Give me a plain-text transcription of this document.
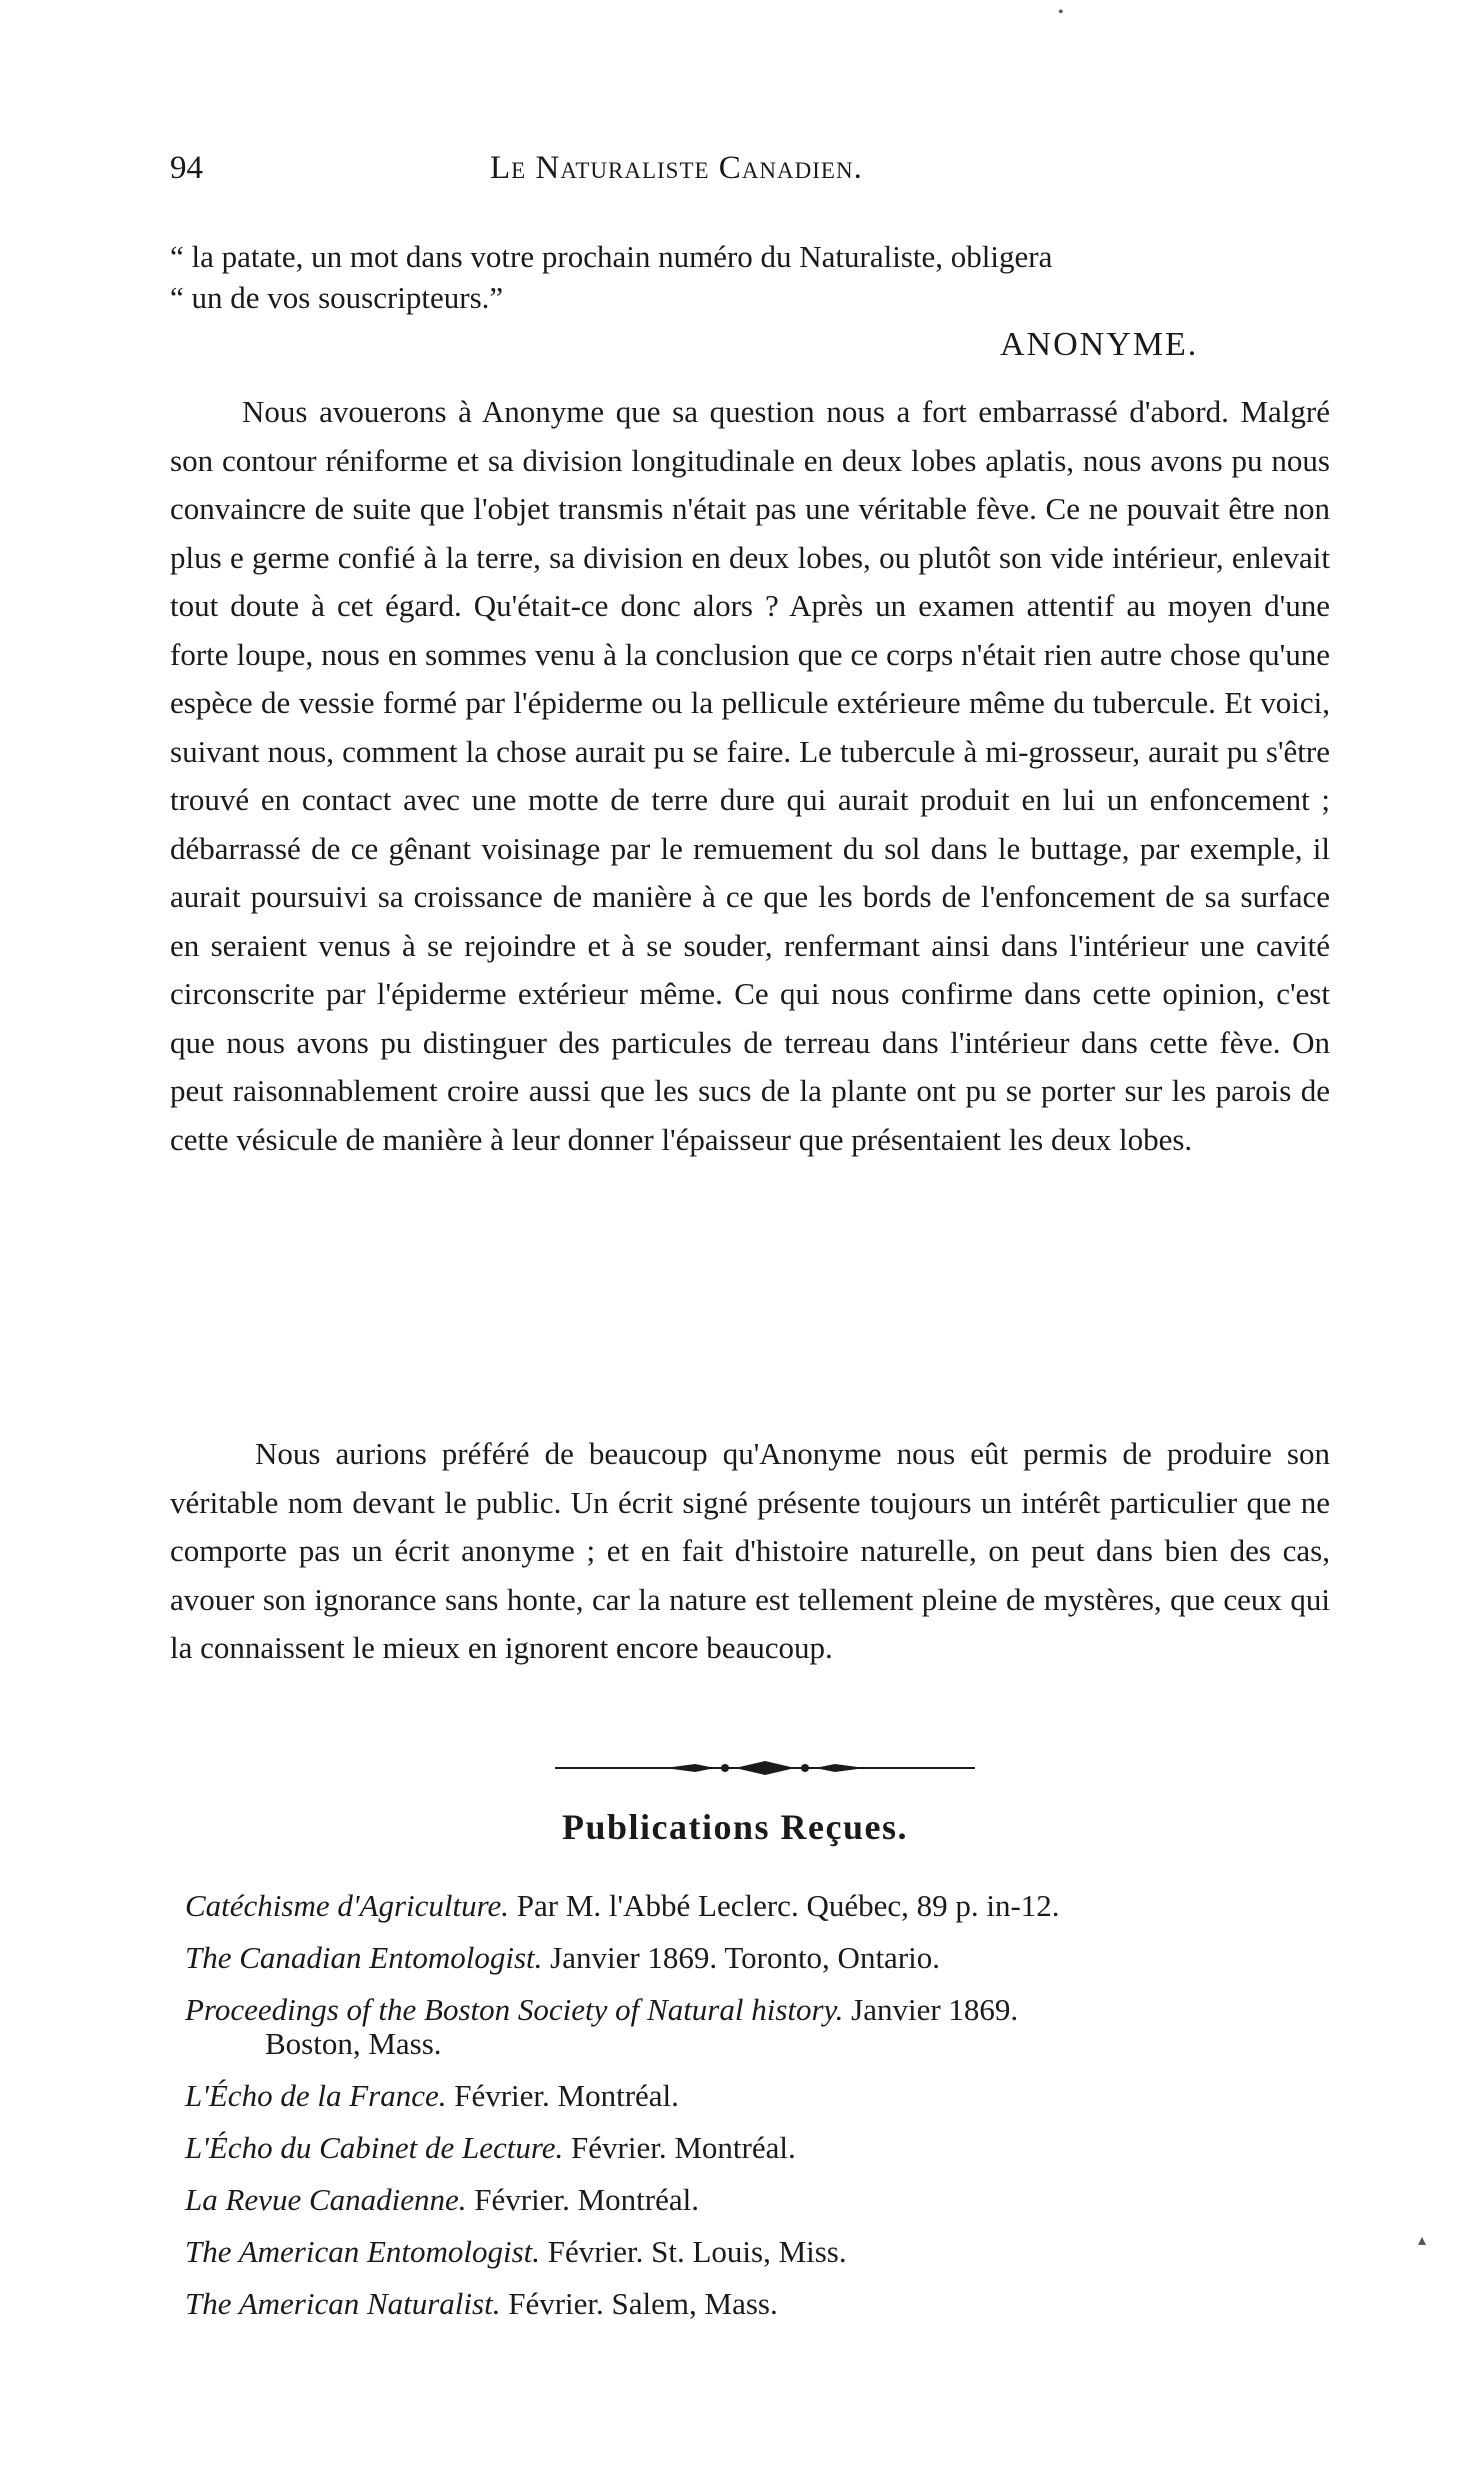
94	Le Naturaliste Canadien.
“ la patate, un mot dans votre prochain numéro du Naturaliste, obligera
“ un de vos souscripteurs.”
ANONYME.
Nous avouerons à Anonyme que sa question nous a fort embarrassé d'abord. Malgré son contour réniforme et sa division longitudinale en deux lobes aplatis, nous avons pu nous convaincre de suite que l'objet transmis n'était pas une véritable fève. Ce ne pouvait être non plus e germe confié à la terre, sa division en deux lobes, ou plutôt son vide intérieur, enlevait tout doute à cet égard. Qu'était-ce donc alors ? Après un examen attentif au moyen d'une forte loupe, nous en sommes venu à la conclusion que ce corps n'était rien autre chose qu'une espèce de vessie formé par l'épiderme ou la pellicule extérieure même du tubercule. Et voici, suivant nous, comment la chose aurait pu se faire. Le tubercule à mi-grosseur, aurait pu s'être trouvé en contact avec une motte de terre dure qui aurait produit en lui un enfoncement ; débarrassé de ce gênant voisinage par le remuement du sol dans le buttage, par exemple, il aurait poursuivi sa croissance de manière à ce que les bords de l'enfoncement de sa surface en seraient venus à se rejoindre et à se souder, renfermant ainsi dans l'intérieur une cavité circonscrite par l'épiderme extérieur même. Ce qui nous confirme dans cette opinion, c'est que nous avons pu distinguer des particules de terreau dans l'intérieur dans cette fève. On peut raisonnablement croire aussi que les sucs de la plante ont pu se porter sur les parois de cette vésicule de manière à leur donner l'épaisseur que présentaient les deux lobes.
Nous aurions préféré de beaucoup qu'Anonyme nous eût permis de produire son véritable nom devant le public. Un écrit signé présente toujours un intérêt particulier que ne comporte pas un écrit anonyme ; et en fait d'histoire naturelle, on peut dans bien des cas, avouer son ignorance sans honte, car la nature est tellement pleine de mystères, que ceux qui la connaissent le mieux en ignorent encore beaucoup.
Publications Reçues.
Catéchisme d'Agriculture. Par M. l'Abbé Leclerc. Québec, 89 p. in-12.
The Canadian Entomologist. Janvier 1869. Toronto, Ontario.
Proceedings of the Boston Society of Natural history. Janvier 1869.
Boston, Mass.
L'Écho de la France. Février. Montréal.
L'Écho du Cabinet de Lecture. Février. Montréal.
La Revue Canadienne. Février. Montréal.
The American Entomologist. Février. St. Louis, Miss.
The American Naturalist. Février. Salem, Mass.
•
▴
